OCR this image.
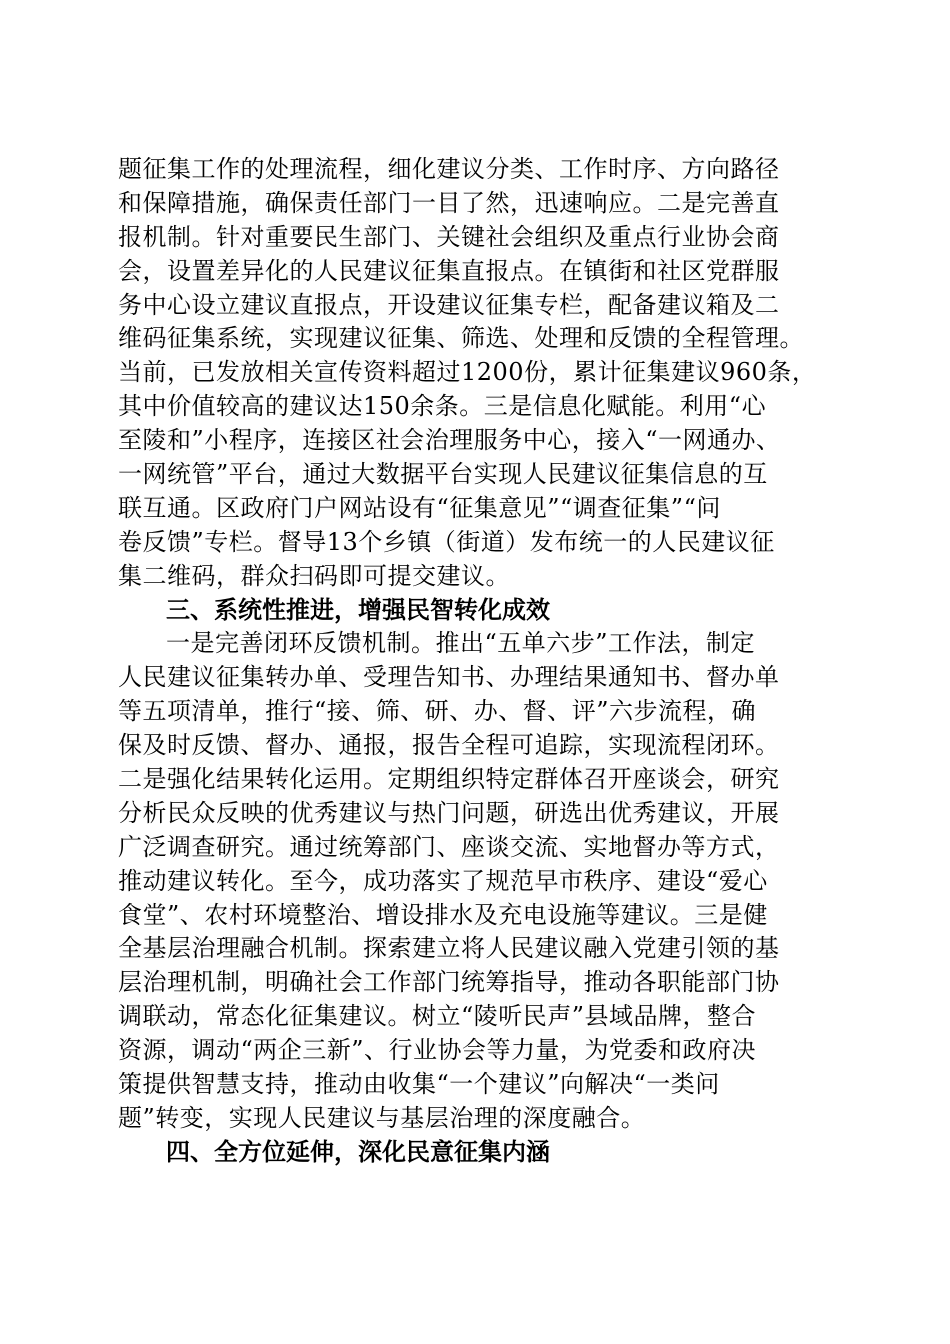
题征集工作的处理流程，细化建议分类、工作时序、方向路径
和保障措施，确保责任部门一目了然，迅速响应。二是完善直
报机制。针对重要民生部门、关键社会组织及重点行业协会商
会，设置差异化的人民建议征集直报点。在镇街和社区党群服
务中心设立建议直报点，开设建议征集专栏，配备建议箱及二
维码征集系统，实现建议征集、筛选、处理和反馈的全程管理。
当前，已发放相关宣传资料超过1200份，累计征集建议960条，
其中价值较高的建议达150余条。三是信息化赋能。利用“心
至陵和”小程序，连接区社会治理服务中心，接入“一网通办、
一网统管”平台，通过大数据平台实现人民建议征集信息的互
联互通。区政府门户网站设有“征集意见”“调查征集”“问
卷反馈”专栏。督导13个乡镇（街道）发布统一的人民建议征
集二维码，群众扫码即可提交建议。
三、系统性推进，增强民智转化成效
一是完善闭环反馈机制。推出“五单六步”工作法，制定
人民建议征集转办单、受理告知书、办理结果通知书、督办单
等五项清单，推行“接、筛、研、办、督、评”六步流程，确
保及时反馈、督办、通报，报告全程可追踪，实现流程闭环。
二是强化结果转化运用。定期组织特定群体召开座谈会，研究
分析民众反映的优秀建议与热门问题，研选出优秀建议，开展
广泛调查研究。通过统筹部门、座谈交流、实地督办等方式，
推动建议转化。至今，成功落实了规范早市秩序、建设“爱心
食堂”、农村环境整治、增设排水及充电设施等建议。三是健
全基层治理融合机制。探索建立将人民建议融入党建引领的基
层治理机制，明确社会工作部门统筹指导，推动各职能部门协
调联动，常态化征集建议。树立“陵听民声”县域品牌，整合
资源，调动“两企三新”、行业协会等力量，为党委和政府决
策提供智慧支持，推动由收集“一个建议”向解决“一类问
题”转变，实现人民建议与基层治理的深度融合。
四、全方位延伸，深化民意征集内涵
